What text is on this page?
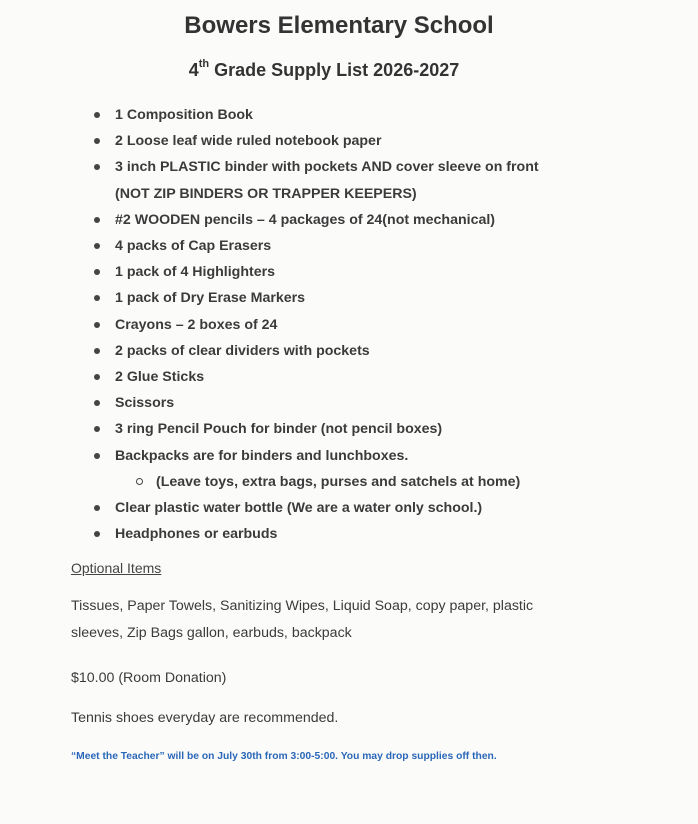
Bowers Elementary School
4th Grade Supply List 2026-2027
1 Composition Book
2 Loose leaf wide ruled notebook paper
3 inch PLASTIC binder with pockets AND cover sleeve on front
(NOT ZIP BINDERS OR TRAPPER KEEPERS)
#2 WOODEN pencils – 4 packages of 24(not mechanical)
4 packs of Cap Erasers
1 pack of 4 Highlighters
1 pack of Dry Erase Markers
Crayons – 2 boxes of 24
2 packs of clear dividers with pockets
2 Glue Sticks
Scissors
3 ring Pencil Pouch for binder (not pencil boxes)
Backpacks are for binders and lunchboxes.
(Leave toys, extra bags, purses and satchels at home)
Clear plastic water bottle (We are a water only school.)
Headphones or earbuds
Optional Items

Tissues, Paper Towels, Sanitizing Wipes, Liquid Soap, copy paper, plastic sleeves, Zip Bags gallon, earbuds, backpack

$10.00 (Room Donation)

Tennis shoes everyday are recommended.

“Meet the Teacher” will be on July 30th from 3:00-5:00. You may drop supplies off then.
